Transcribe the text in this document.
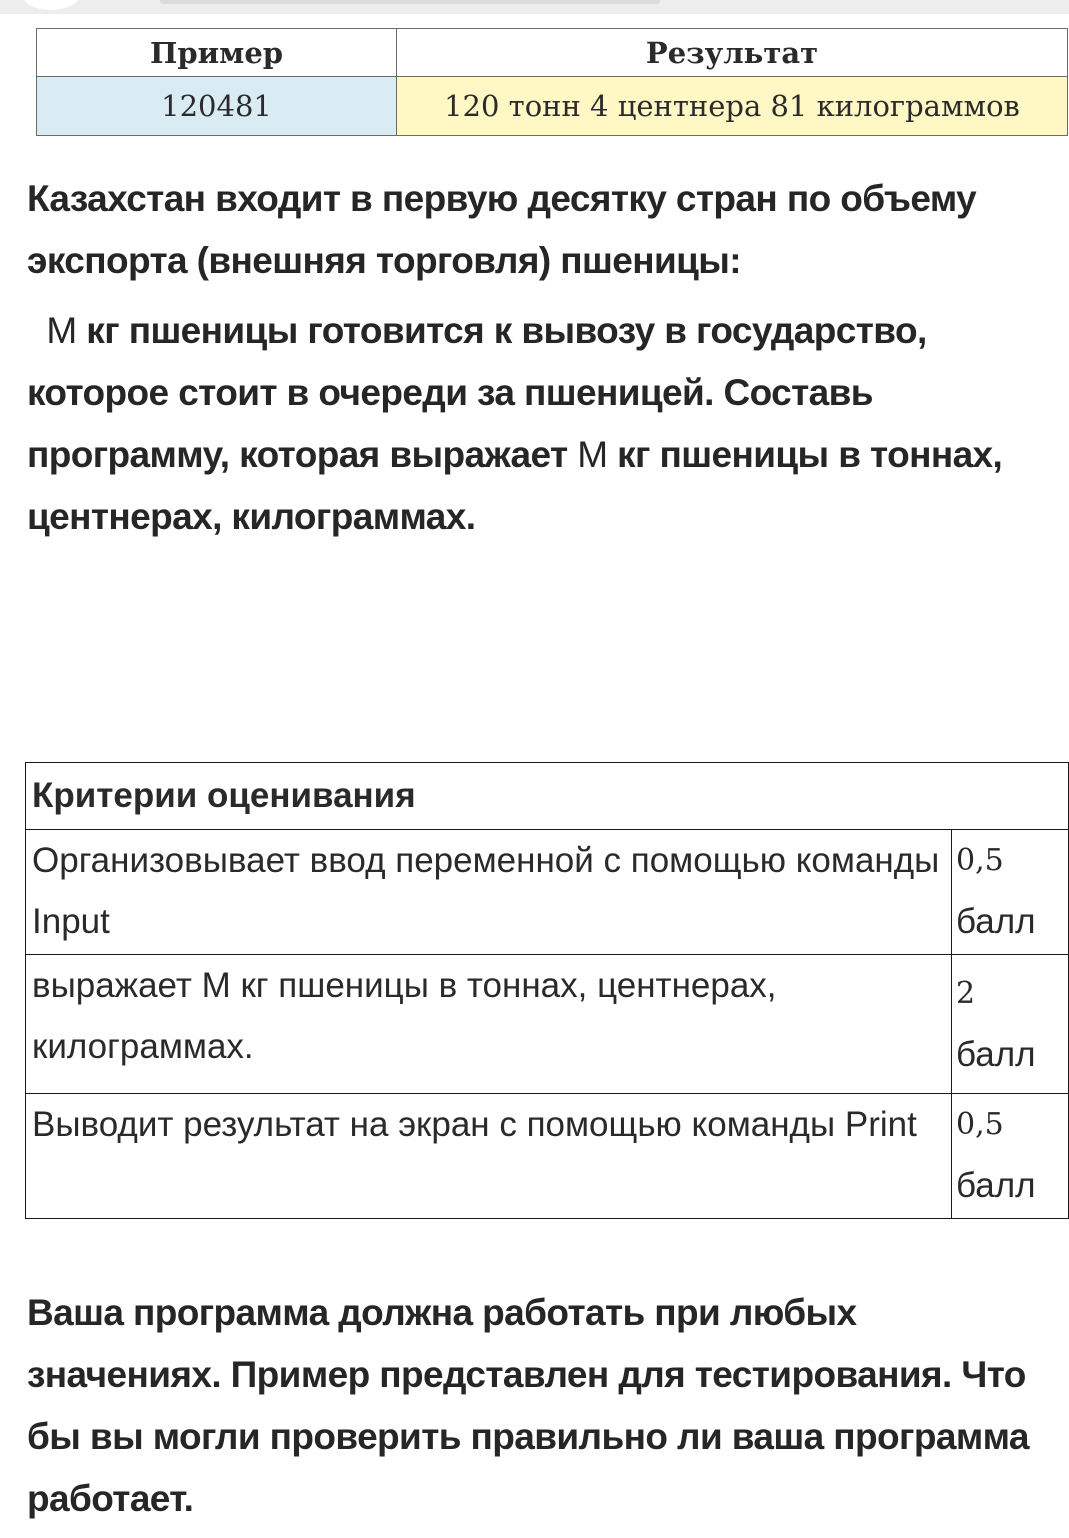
Пример	Результат
120481	120 тонн 4 центнера 81 килограммов
Казахстан входит в первую десятку стран по объему экспорта (внешняя торговля) пшеницы:
M кг пшеницы готовится к вывозу в государство, которое стоит в очереди за пшеницей. Составь программу, которая выражает M кг пшеницы в тоннах, центнерах, килограммах.
Критерии оценивания	
Организовывает ввод переменной с помощью команды Input	0,5
балл
выражает M кг пшеницы в тоннах, центнерах, килограммах.	2
балл
Выводит результат на экран с помощью команды Print	0,5
балл
Ваша программа должна работать при любых значениях. Пример представлен для тестирования. Что бы вы могли проверить правильно ли ваша программа работает.
